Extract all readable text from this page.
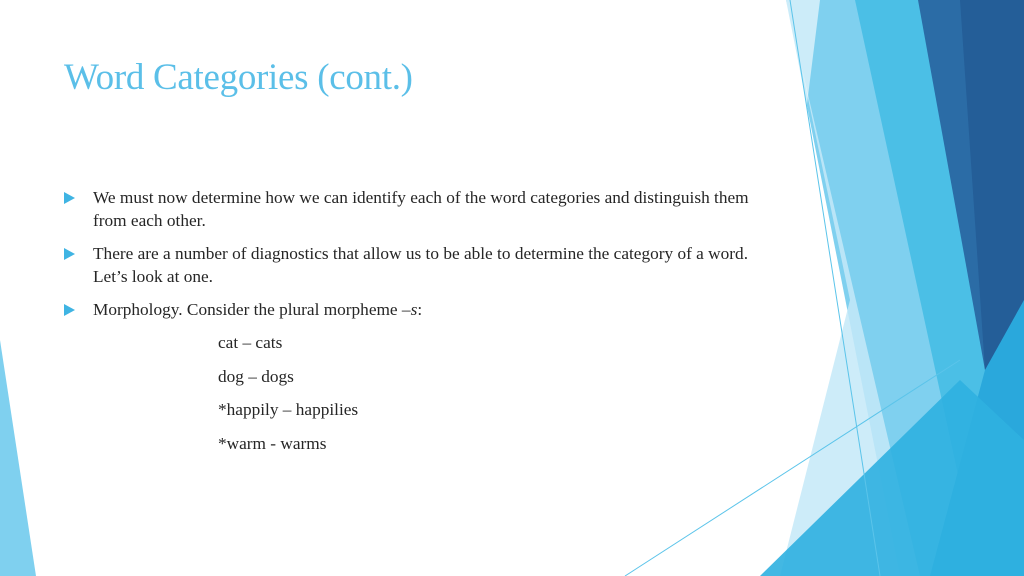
Word Categories (cont.)
We must now determine how we can identify each of the word categories and distinguish them from each other.
There are a number of diagnostics that allow us to be able to determine the category of a word. Let’s look at one.
Morphology. Consider the plural morpheme –s:
cat – cats
dog – dogs
*happily – happilies
*warm - warms
